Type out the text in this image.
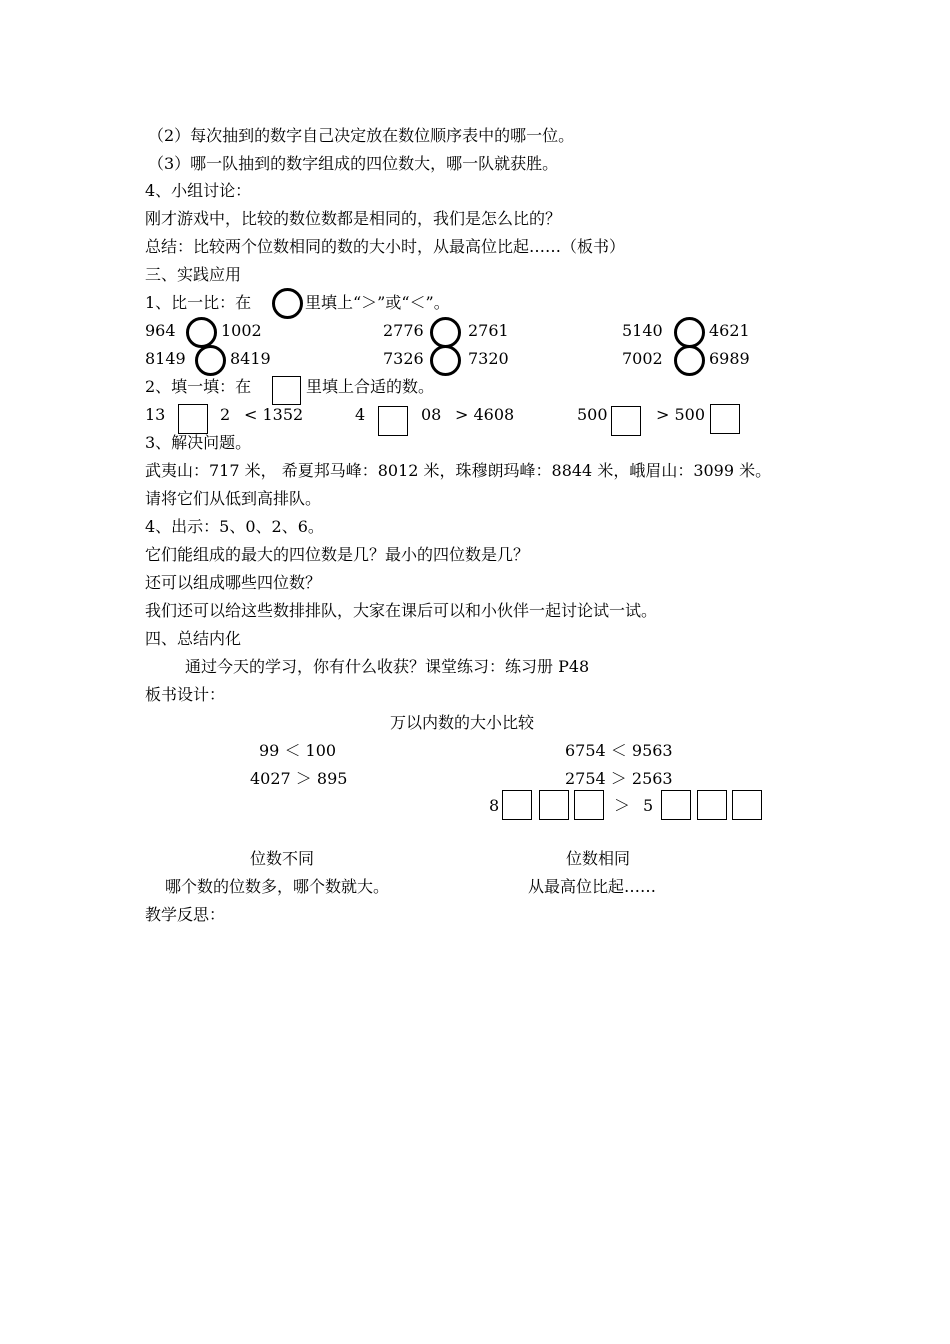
（2）每次抽到的数字自己决定放在数位顺序表中的哪一位。
（3）哪一队抽到的数字组成的四位数大，哪一队就获胜。
4、小组讨论：
刚才游戏中，比较的数位数都是相同的，我们是怎么比的？
总结：比较两个位数相同的数的大小时，从最高位比起……（板书）
三、实践应用
1、比一比：在	里填上“＞”或“＜”。
964	1002	2776	2761	5140	4621
8149	8419	7326	7320	7002	6989
2、填一填：在	里填上合适的数。
13	2 < 1352	4	08 > 4608	500	> 500
3、解决问题。
武夷山：717 米， 希夏邦马峰：8012 米，珠穆朗玛峰：8844 米，峨眉山：3099 米。
请将它们从低到高排队。
4、出示：5、0、2、6。
它们能组成的最大的四位数是几？最小的四位数是几？
还可以组成哪些四位数？
我们还可以给这些数排排队，大家在课后可以和小伙伴一起讨论试一试。
四、总结内化
通过今天的学习，你有什么收获？课堂练习：练习册 P48
板书设计：
万以内数的大小比较
99 ＜ 100	6754 ＜ 9563
4027 ＞ 895	2754 ＞ 2563
8	＞ 5
位数不同	位数相同
哪个数的位数多，哪个数就大。	从最高位比起……
教学反思：
